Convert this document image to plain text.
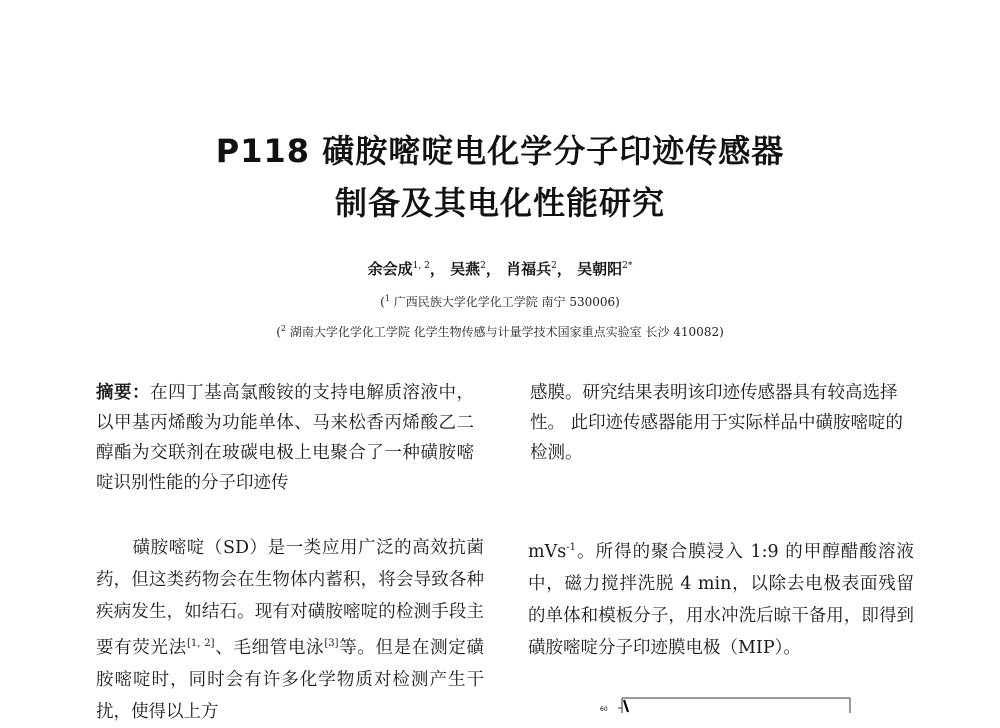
P118 磺胺嘧啶电化学分子印迹传感器
制备及其电化性能研究
余会成$^{1, 2}$， 吴燕$^2$， 肖福兵$^2$， 吴朝阳$^{2*}$
($^1$ 广西民族大学化学化工学院 南宁 530006)
($^2$ 湖南大学化学化工学院 化学生物传感与计量学技术国家重点实验室 长沙 410082)

摘要：在四丁基高氯酸铵的支持电解质溶液中，以甲基丙烯酸为功能单体、马来松香丙烯酸乙二醇酯为交联剂在玻碳电极上电聚合了一种磺胺嘧啶识别性能的分子印迹传

感膜。研究结果表明该印迹传感器具有较高选择性。 此印迹传感器能用于实际样品中磺胺嘧啶的检测。

磺胺嘧啶（SD）是一类应用广泛的高效抗菌药，但这类药物会在生物体内蓄积，将会导致各种疾病发生，如结石。现有对磺胺嘧啶的检测手段主要有荧光法[1, 2]、毛细管电泳[3]等。但是在测定磺胺嘧啶时，同时会有许多化学物质对检测产生干扰，使得以上方

mVs$^{-1}$。所得的聚合膜浸入 1:9 的甲醇醋酸溶液中，磁力搅拌洗脱 4 min，以除去电极表面残留的单体和模板分子，用水冲洗后晾干备用，即得到磺胺嘧啶分子印迹膜电极（MIP）。

60
